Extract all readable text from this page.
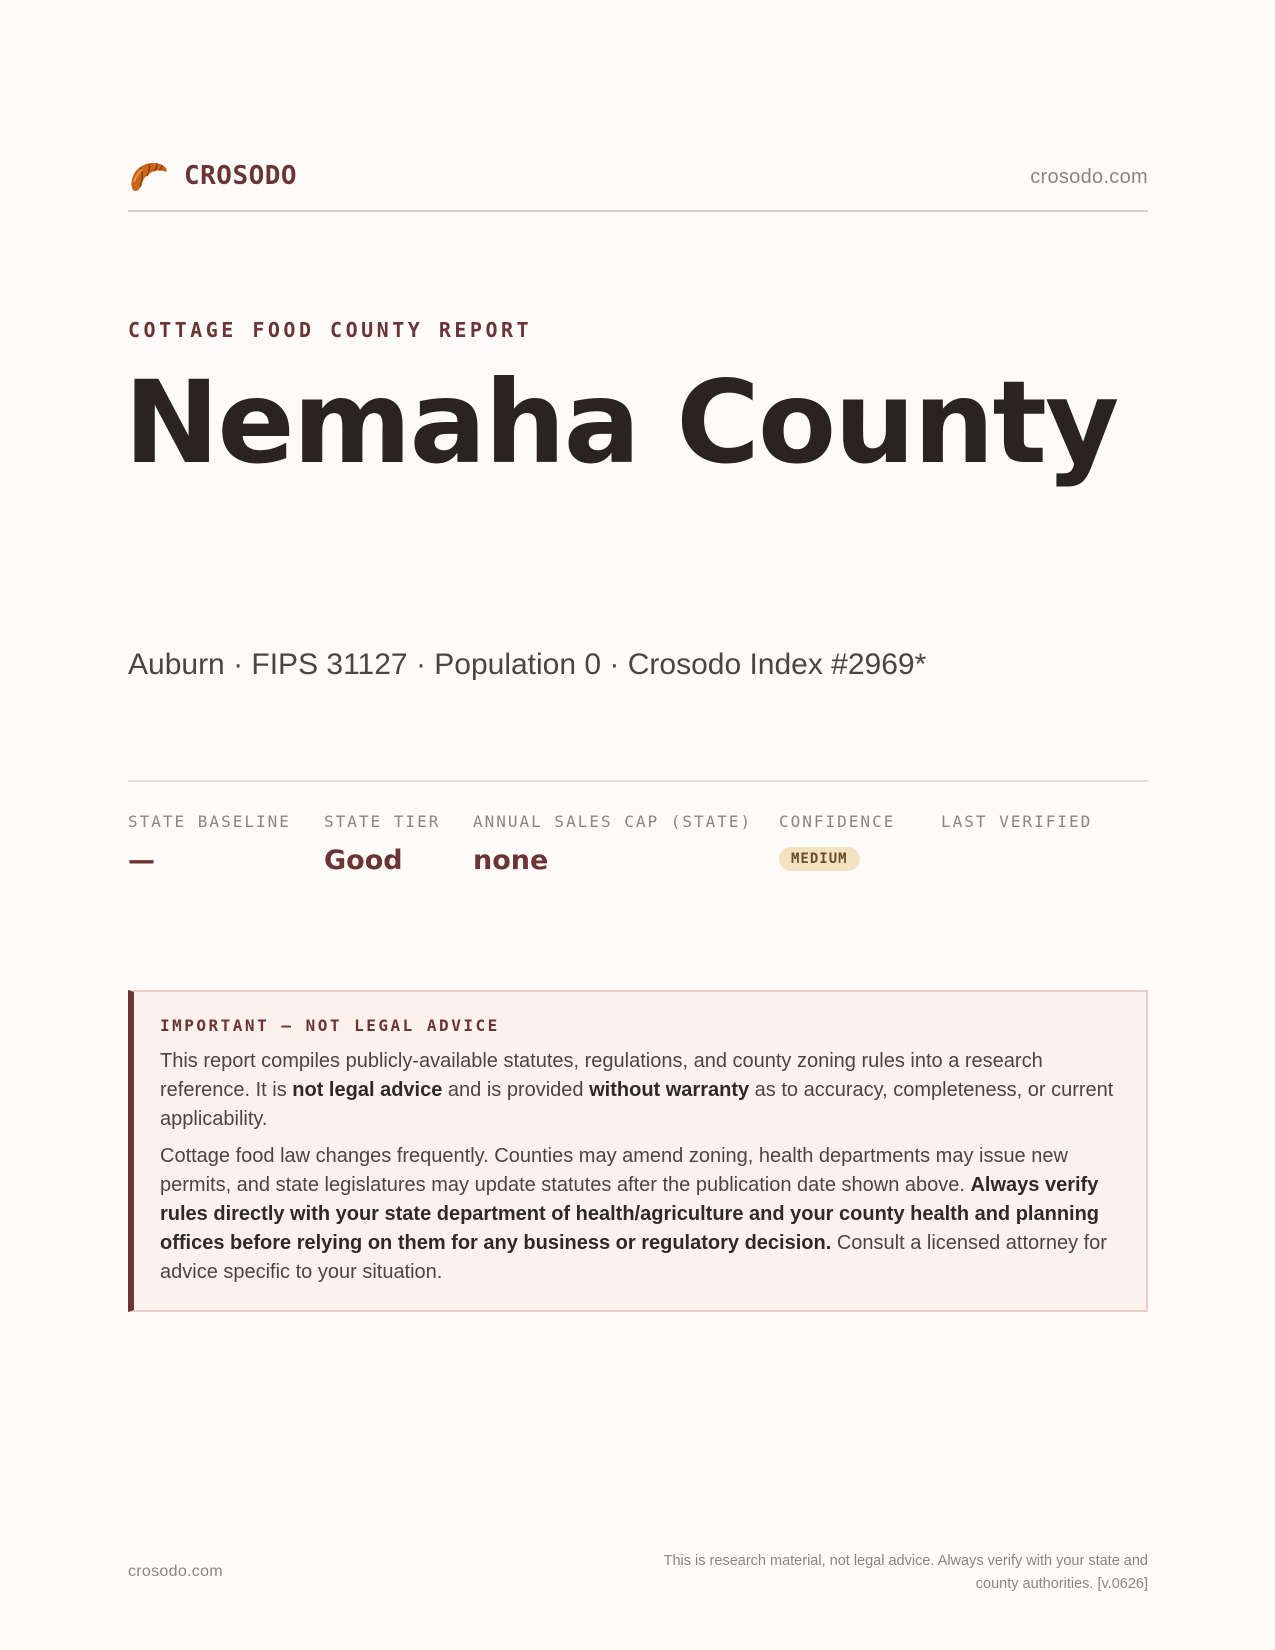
CROSODO	crosodo.com
COTTAGE FOOD COUNTY REPORT
Nemaha County
Auburn · FIPS 31127 · Population 0 · Crosodo Index #2969*
STATE BASELINE
—
STATE TIER
Good
ANNUAL SALES CAP (STATE)
none
CONFIDENCE
MEDIUM
LAST VERIFIED
IMPORTANT — NOT LEGAL ADVICE

This report compiles publicly-available statutes, regulations, and county zoning rules into a research reference. It is not legal advice and is provided without warranty as to accuracy, completeness, or current applicability.

Cottage food law changes frequently. Counties may amend zoning, health departments may issue new permits, and state legislatures may update statutes after the publication date shown above. Always verify rules directly with your state department of health/agriculture and your county health and planning offices before relying on them for any business or regulatory decision. Consult a licensed attorney for advice specific to your situation.

crosodo.com
This is research material, not legal advice. Always verify with your state and county authorities. [v.0626]
